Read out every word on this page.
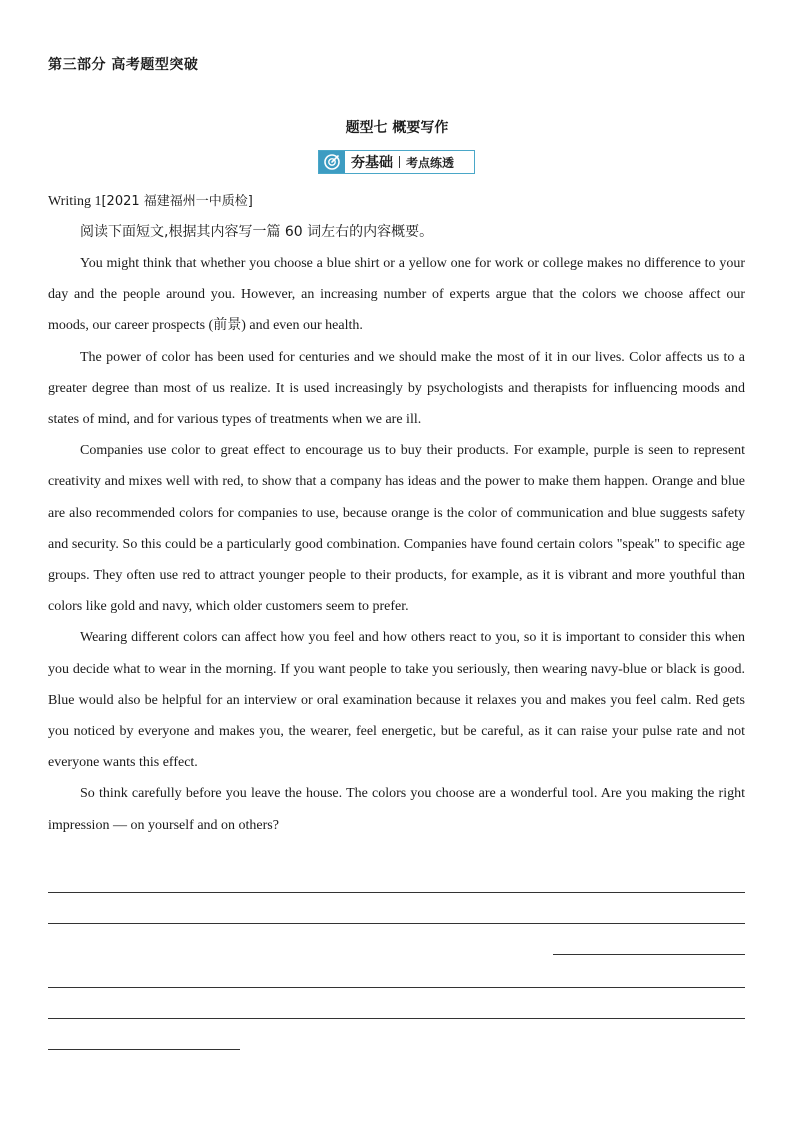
第三部分 高考题型突破
题型七 概要写作
夯基础	考点练透
Writing 1[2021 福建福州一中质检]
阅读下面短文,根据其内容写一篇 60 词左右的内容概要。

You might think that whether you choose a blue shirt or a yellow one for work or college makes no difference to your day and the people around you. However, an increasing number of experts argue that the colors we choose affect our moods, our career prospects (前景) and even our health.

The power of color has been used for centuries and we should make the most of it in our lives. Color affects us to a greater degree than most of us realize. It is used increasingly by psychologists and therapists for influencing moods and states of mind, and for various types of treatments when we are ill.

Companies use color to great effect to encourage us to buy their products. For example, purple is seen to represent creativity and mixes well with red, to show that a company has ideas and the power to make them happen. Orange and blue are also recommended colors for companies to use, because orange is the color of communication and blue suggests safety and security. So this could be a particularly good combination. Companies have found certain colors "speak" to specific age groups. They often use red to attract younger people to their products, for example, as it is vibrant and more youthful than colors like gold and navy, which older customers seem to prefer.

Wearing different colors can affect how you feel and how others react to you, so it is important to consider this when you decide what to wear in the morning. If you want people to take you seriously, then wearing navy-blue or black is good. Blue would also be helpful for an interview or oral examination because it relaxes you and makes you feel calm. Red gets you noticed by everyone and makes you, the wearer, feel energetic, but be careful, as it can raise your pulse rate and not everyone wants this effect.

So think carefully before you leave the house. The colors you choose are a wonderful tool. Are you making the right impression — on yourself and on others?
